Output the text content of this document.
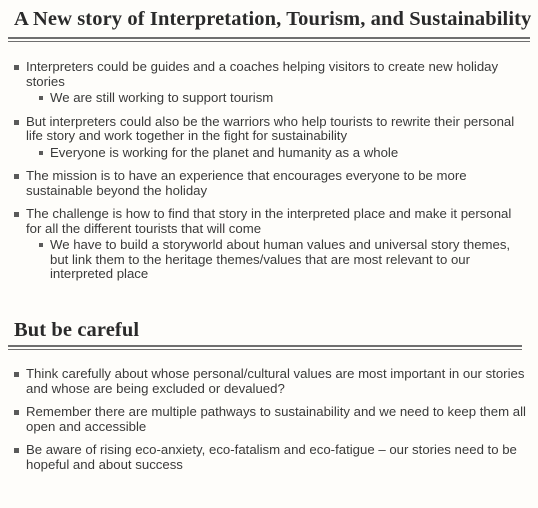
A New story of Interpretation, Tourism, and Sustainability
Interpreters could be guides and a coaches helping visitors to create new holiday stories
We are still working to support tourism
But interpreters could also be the warriors who help tourists to rewrite their personal life story and work together in the fight for sustainability
Everyone is working for the planet and humanity as a whole
The mission is to have an experience that encourages everyone to be more sustainable beyond the holiday
The challenge is how to find that story in the interpreted place and make it personal for all the different tourists that will come
We have to build a storyworld about human values and universal story themes, but link them to the heritage themes/values that are most relevant to our interpreted place
But be careful
Think carefully about whose personal/cultural values are most important in our stories and whose are being excluded or devalued?
Remember there are multiple pathways to sustainability and we need to keep them all open and accessible
Be aware of rising eco-anxiety, eco-fatalism and eco-fatigue – our stories need to be hopeful and about success
